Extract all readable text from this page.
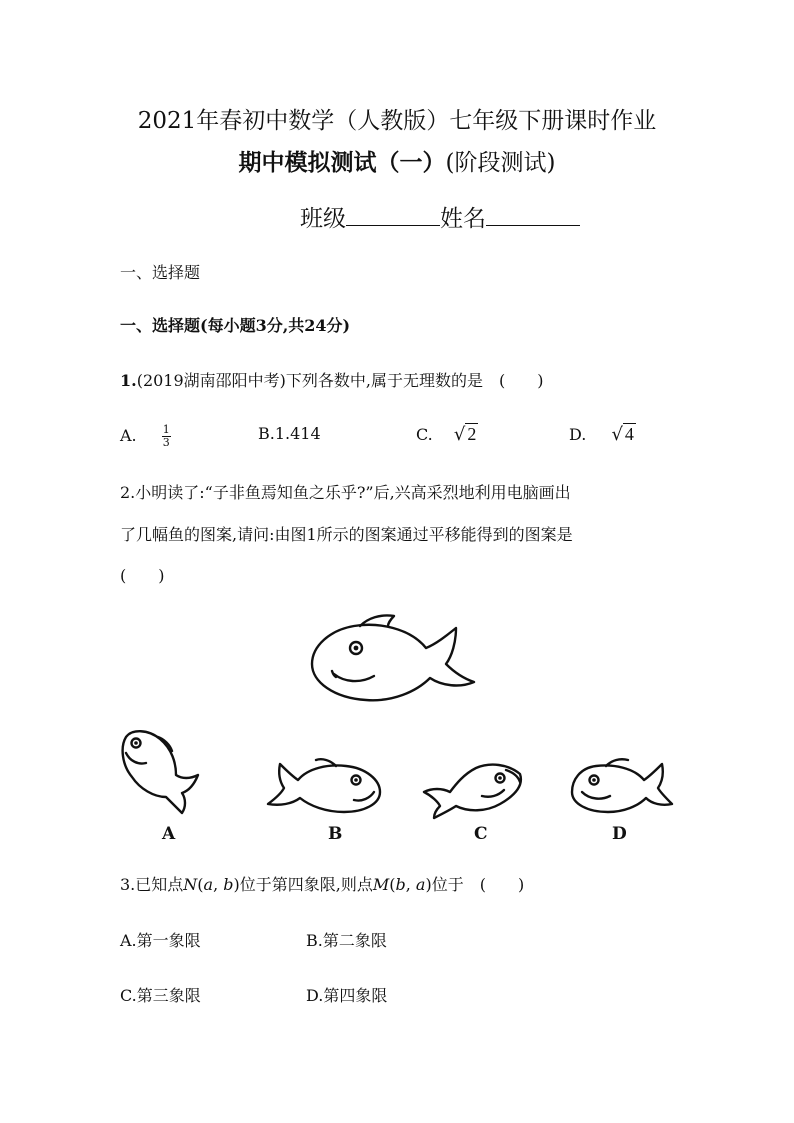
2021年春初中数学（人教版）七年级下册课时作业
期中模拟测试（一）(阶段测试)
班级	姓名
一、选择题
一、选择题(每小题3分,共24分)
1.(2019湖南邵阳中考)下列各数中,属于无理数的是　(　　)
A. $\frac{1}{3}$	B.1.414	C. √ 2	D. √ 4
2.小明读了:“子非鱼焉知鱼之乐乎?”后,兴高采烈地利用电脑画出
了几幅鱼的图案,请问:由图1所示的图案通过平移能得到的图案是
(　　)
A	B	C	D
3.已知点N(a, b)位于第四象限,则点M(b, a)位于　(　　)
A.第一象限	B.第二象限
C.第三象限	D.第四象限
